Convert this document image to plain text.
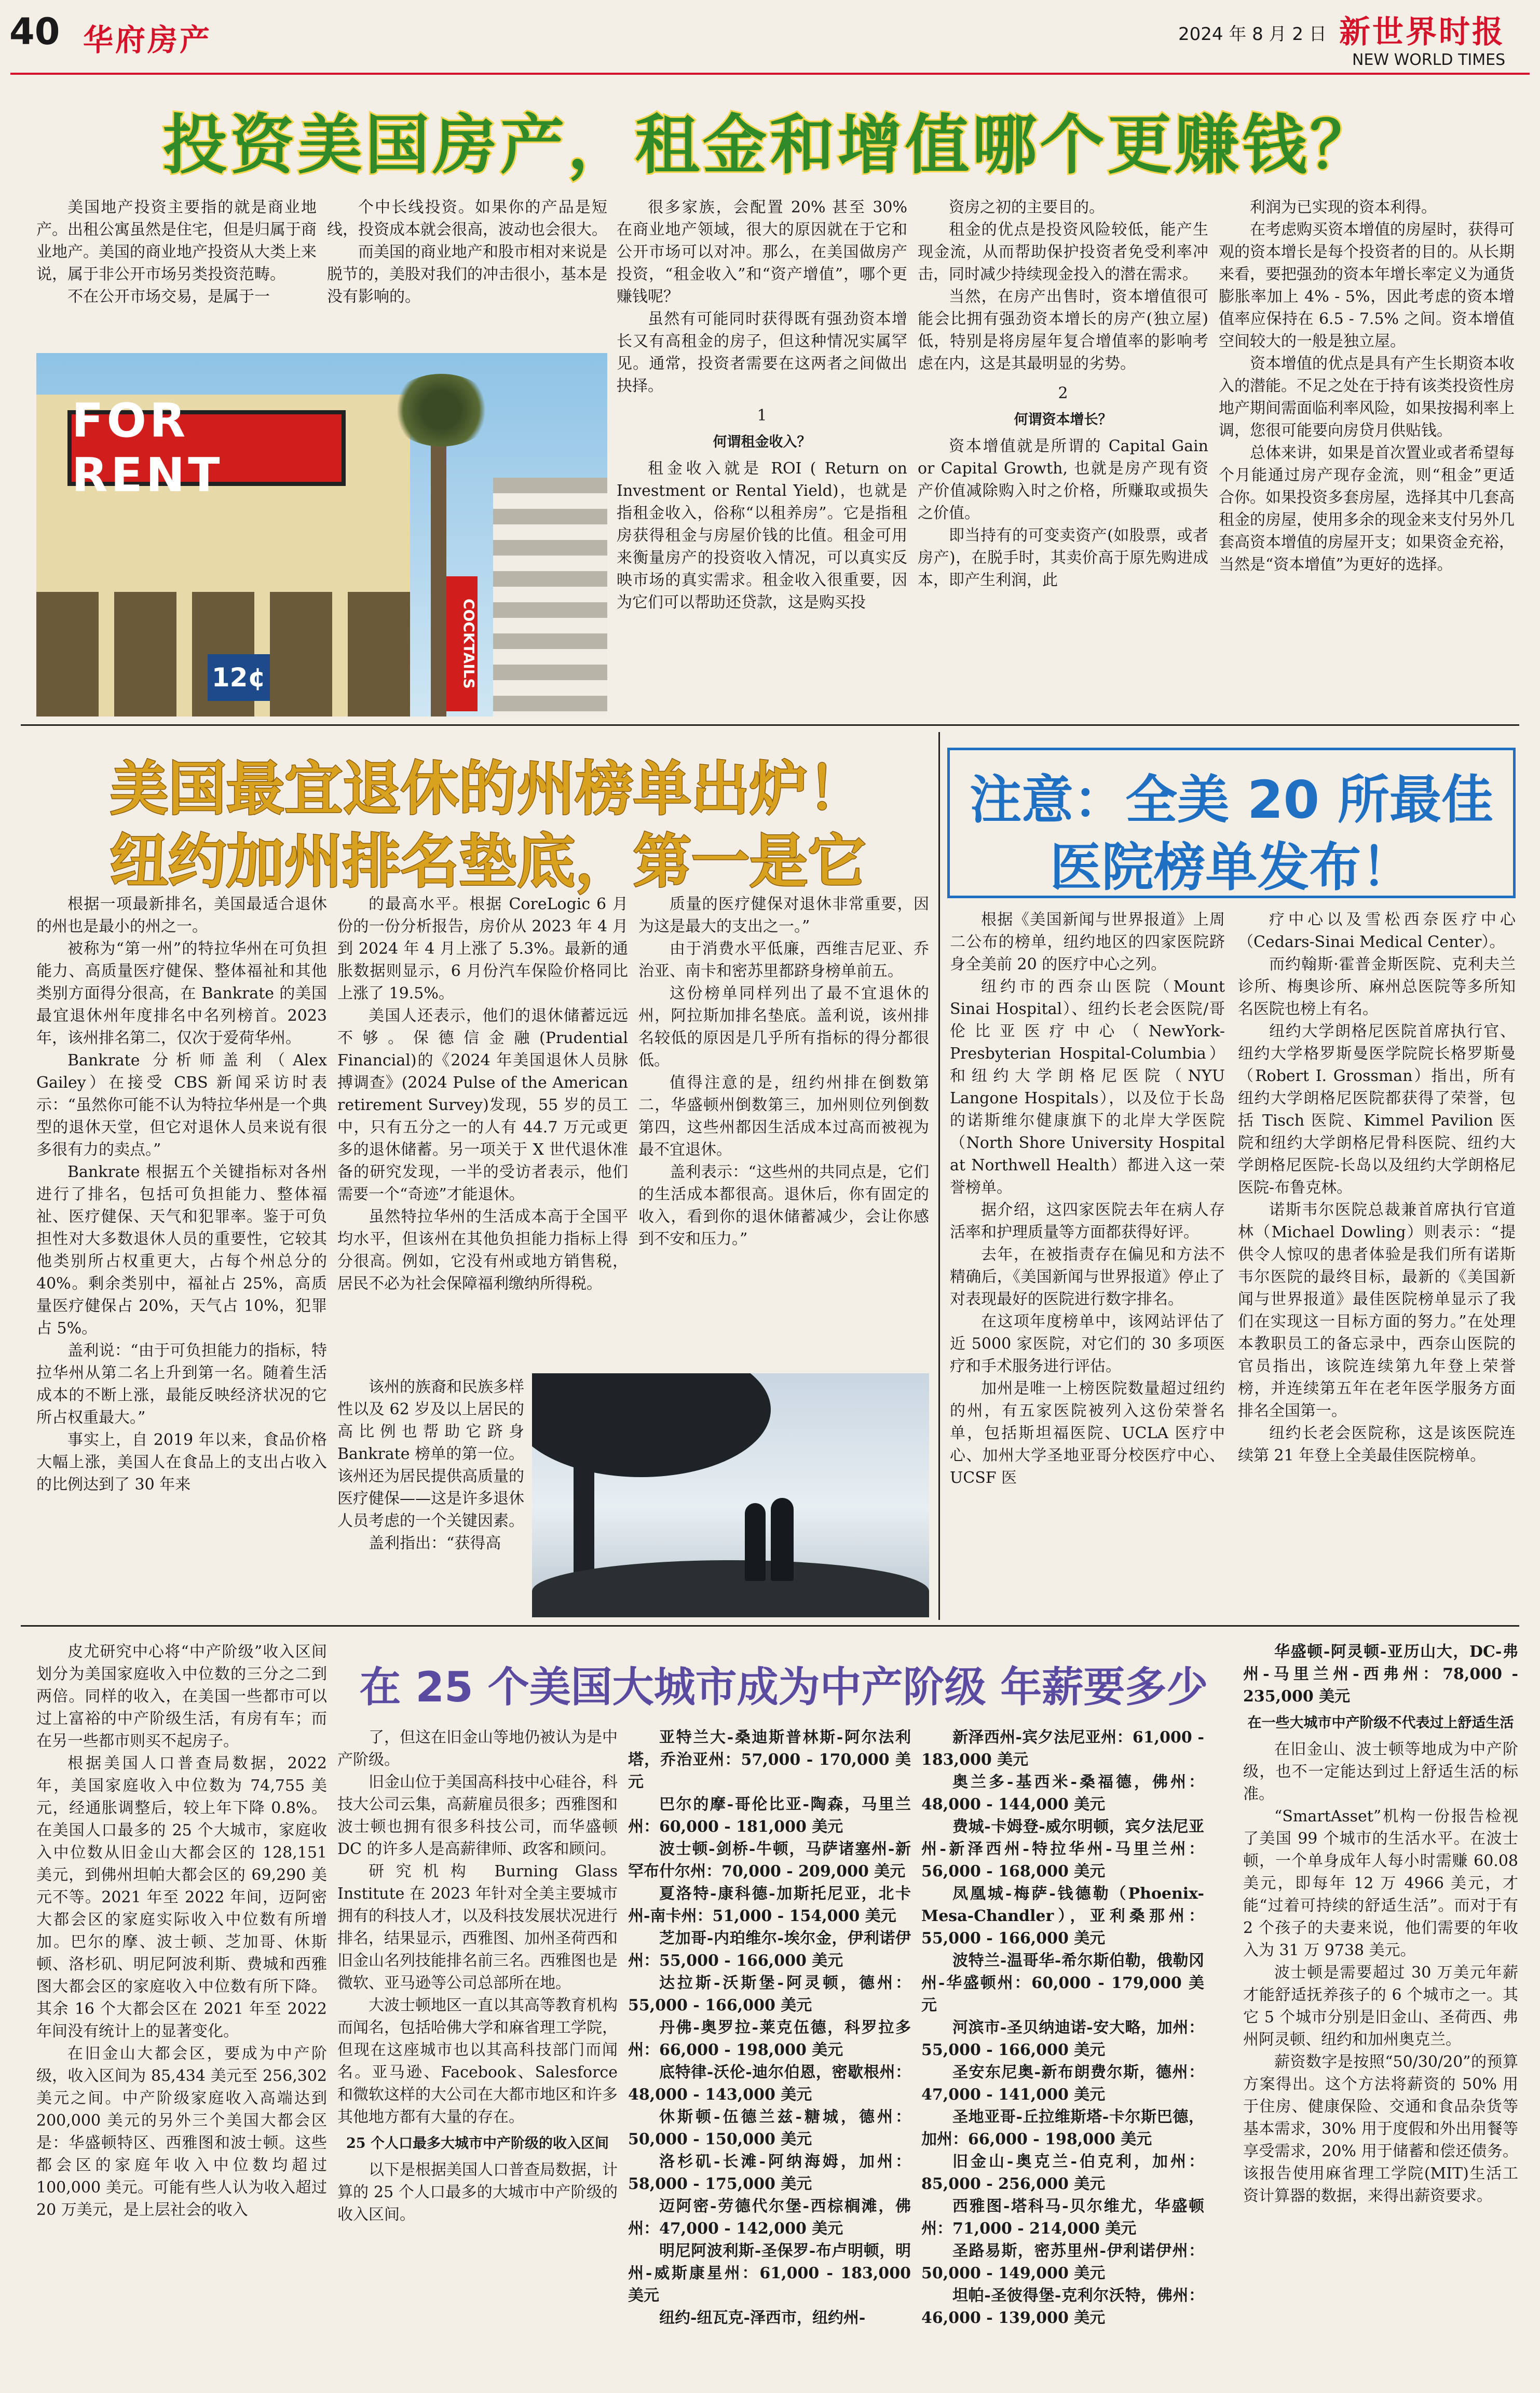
40 华府房产	2024 年 8 月 2 日 新世界时报
NEW WORLD TIMES
投资美国房产，租金和增值哪个更赚钱？

美国地产投资主要指的就是商业地产。出租公寓虽然是住宅，但是归属于商业地产。美国的商业地产投资从大类上来说，属于非公开市场另类投资范畴。

不在公开市场交易，是属于一

个中长线投资。如果你的产品是短线，投资成本就会很高，波动也会很大。

而美国的商业地产和股市相对来说是脱节的，美股对我们的冲击很小，基本是没有影响的。

FOR RENT
COCKTAILS
12¢

很多家族，会配置 20% 甚至 30% 在商业地产领域，很大的原因就在于它和公开市场可以对冲。那么，在美国做房产投资，“租金收入”和“资产增值”，哪个更赚钱呢？

虽然有可能同时获得既有强劲资本增长又有高租金的房子，但这种情况实属罕见。通常，投资者需要在这两者之间做出抉择。

1

何谓租金收入？

租金收入就是 ROI ( Return on Investment or Rental Yield)，也就是指租金收入，俗称“以租养房”。它是指租房获得租金与房屋价钱的比值。租金可用来衡量房产的投资收入情况，可以真实反映市场的真实需求。租金收入很重要，因为它们可以帮助还贷款，这是购买投

资房之初的主要目的。

租金的优点是投资风险较低，能产生现金流，从而帮助保护投资者免受利率冲击，同时减少持续现金投入的潜在需求。

当然，在房产出售时，资本增值很可能会比拥有强劲资本增长的房产(独立屋)低，特别是将房屋年复合增值率的影响考虑在内，这是其最明显的劣势。

2

何谓资本增长？

资本增值就是所谓的 Capital Gain or Capital Growth, 也就是房产现有资产价值减除购入时之价格，所赚取或损失之价值。

即当持有的可变卖资产(如股票，或者房产)，在脱手时，其卖价高于原先购进成本，即产生利润，此

利润为已实现的资本利得。

在考虑购买资本增值的房屋时，获得可观的资本增长是每个投资者的目的。从长期来看，要把强劲的资本年增长率定义为通货膨胀率加上 4% - 5%，因此考虑的资本增值率应保持在 6.5 - 7.5% 之间。资本增值空间较大的一般是独立屋。

资本增值的优点是具有产生长期资本收入的潜能。不足之处在于持有该类投资性房地产期间需面临利率风险，如果按揭利率上调，您很可能要向房贷月供贴钱。

总体来讲，如果是首次置业或者希望每个月能通过房产现存金流，则“租金”更适合你。如果投资多套房屋，选择其中几套高租金的房屋，使用多余的现金来支付另外几套高资本增值的房屋开支；如果资金充裕，当然是“资本增值”为更好的选择。

美国最宜退休的州榜单出炉！
纽约加州排名垫底，第一是它

根据一项最新排名，美国最适合退休的州也是最小的州之一。

被称为“第一州”的特拉华州在可负担能力、高质量医疗健保、整体福祉和其他类别方面得分很高，在 Bankrate 的美国最宜退休州年度排名中名列榜首。2023 年，该州排名第二，仅次于爱荷华州。

Bankrate 分析师盖利（Alex Gailey）在接受 CBS 新闻采访时表示：“虽然你可能不认为特拉华州是一个典型的退休天堂，但它对退休人员来说有很多很有力的卖点。”

Bankrate 根据五个关键指标对各州进行了排名，包括可负担能力、整体福祉、医疗健保、天气和犯罪率。鉴于可负担性对大多数退休人员的重要性，它较其他类别所占权重更大，占每个州总分的 40%。剩余类别中，福祉占 25%，高质量医疗健保占 20%，天气占 10%，犯罪占 5%。

盖利说：“由于可负担能力的指标，特拉华州从第二名上升到第一名。随着生活成本的不断上涨，最能反映经济状况的它所占权重最大。”

事实上，自 2019 年以来，食品价格大幅上涨，美国人在食品上的支出占收入的比例达到了 30 年来

的最高水平。根据 CoreLogic 6 月份的一份分析报告，房价从 2023 年 4 月到 2024 年 4 月上涨了 5.3%。最新的通胀数据则显示，6 月份汽车保险价格同比上涨了 19.5%。

美国人还表示，他们的退休储蓄远远不够。保德信金融(Prudential Financial)的《2024 年美国退休人员脉搏调查》(2024 Pulse of the American retirement Survey)发现，55 岁的员工中，只有五分之一的人有 44.7 万元或更多的退休储蓄。另一项关于 X 世代退休准备的研究发现，一半的受访者表示，他们需要一个“奇迹”才能退休。

虽然特拉华州的生活成本高于全国平均水平，但该州在其他负担能力指标上得分很高。例如，它没有州或地方销售税，居民不必为社会保障福利缴纳所得税。

该州的族裔和民族多样性以及 62 岁及以上居民的高比例也帮助它跻身 Bankrate 榜单的第一位。该州还为居民提供高质量的医疗健保——这是许多退休人员考虑的一个关键因素。

盖利指出：“获得高

质量的医疗健保对退休非常重要，因为这是最大的支出之一。”

由于消费水平低廉，西维吉尼亚、乔治亚、南卡和密苏里都跻身榜单前五。

这份榜单同样列出了最不宜退休的州，阿拉斯加排名垫底。盖利说，该州排名较低的原因是几乎所有指标的得分都很低。

值得注意的是，纽约州排在倒数第二，华盛顿州倒数第三，加州则位列倒数第四，这些州都因生活成本过高而被视为最不宜退休。

盖利表示：“这些州的共同点是，它们的生活成本都很高。退休后，你有固定的收入，看到你的退休储蓄减少，会让你感到不安和压力。”

注意：全美 20 所最佳
医院榜单发布！

根据《美国新闻与世界报道》上周二公布的榜单，纽约地区的四家医院跻身全美前 20 的医疗中心之列。

纽约市的西奈山医院（Mount Sinai Hospital）、纽约长老会医院/哥伦比亚医疗中心（NewYork-Presbyterian Hospital-Columbia）和纽约大学朗格尼医院（NYU Langone Hospitals），以及位于长岛的诺斯维尔健康旗下的北岸大学医院（North Shore University Hospital at Northwell Health）都进入这一荣誉榜单。

据介绍，这四家医院去年在病人存活率和护理质量等方面都获得好评。

去年，在被指责存在偏见和方法不精确后，《美国新闻与世界报道》停止了对表现最好的医院进行数字排名。

在这项年度榜单中，该网站评估了近 5000 家医院，对它们的 30 多项医疗和手术服务进行评估。

加州是唯一上榜医院数量超过纽约的州，有五家医院被列入这份荣誉名单，包括斯坦福医院、UCLA 医疗中心、加州大学圣地亚哥分校医疗中心、UCSF 医

疗中心以及雪松西奈医疗中心（Cedars-Sinai Medical Center）。

而约翰斯·霍普金斯医院、克利夫兰诊所、梅奥诊所、麻州总医院等多所知名医院也榜上有名。

纽约大学朗格尼医院首席执行官、纽约大学格罗斯曼医学院院长格罗斯曼（Robert I. Grossman）指出，所有纽约大学朗格尼医院都获得了荣誉，包括 Tisch 医院、Kimmel Pavilion 医院和纽约大学朗格尼骨科医院、纽约大学朗格尼医院-长岛以及纽约大学朗格尼医院-布鲁克林。

诺斯韦尔医院总裁兼首席执行官道林（Michael Dowling）则表示：“提供令人惊叹的患者体验是我们所有诺斯韦尔医院的最终目标，最新的《美国新闻与世界报道》最佳医院榜单显示了我们在实现这一目标方面的努力。”在处理本教职员工的备忘录中，西奈山医院的官员指出，该院连续第九年登上荣誉榜，并连续第五年在老年医学服务方面排名全国第一。

纽约长老会医院称，这是该医院连续第 21 年登上全美最佳医院榜单。

在 25 个美国大城市成为中产阶级 年薪要多少

皮尤研究中心将“中产阶级”收入区间划分为美国家庭收入中位数的三分之二到两倍。同样的收入，在美国一些都市可以过上富裕的中产阶级生活，有房有车；而在另一些都市则买不起房子。

根据美国人口普查局数据，2022 年，美国家庭收入中位数为 74,755 美元，经通胀调整后，较上年下降 0.8%。在美国人口最多的 25 个大城市，家庭收入中位数从旧金山大都会区的 128,151 美元，到佛州坦帕大都会区的 69,290 美元不等。2021 年至 2022 年间，迈阿密大都会区的家庭实际收入中位数有所增加。巴尔的摩、波士顿、芝加哥、休斯顿、洛杉矶、明尼阿波利斯、费城和西雅图大都会区的家庭收入中位数有所下降。其余 16 个大都会区在 2021 年至 2022 年间没有统计上的显著变化。

在旧金山大都会区，要成为中产阶级，收入区间为 85,434 美元至 256,302 美元之间。中产阶级家庭收入高端达到 200,000 美元的另外三个美国大都会区是：华盛顿特区、西雅图和波士顿。这些都会区的家庭年收入中位数均超过 100,000 美元。可能有些人认为收入超过 20 万美元，是上层社会的收入

了，但这在旧金山等地仍被认为是中产阶级。

旧金山位于美国高科技中心硅谷，科技大公司云集，高薪雇员很多；西雅图和波士顿也拥有很多科技公司，而华盛顿 DC 的许多人是高薪律师、政客和顾问。

研究机构 Burning Glass Institute 在 2023 年针对全美主要城市拥有的科技人才，以及科技发展状况进行排名，结果显示，西雅图、加州圣荷西和旧金山名列技能排名前三名。西雅图也是微软、亚马逊等公司总部所在地。

大波士顿地区一直以其高等教育机构而闻名，包括哈佛大学和麻省理工学院，但现在这座城市也以其高科技部门而闻名。亚马逊、Facebook、Salesforce 和微软这样的大公司在大都市地区和许多其他地方都有大量的存在。

25 个人口最多大城市中产阶级的收入区间

以下是根据美国人口普查局数据，计算的 25 个人口最多的大城市中产阶级的收入区间。

亚特兰大-桑迪斯普林斯-阿尔法利塔，乔治亚州：57,000 - 170,000 美元

巴尔的摩-哥伦比亚-陶森，马里兰州：60,000 - 181,000 美元

波士顿-剑桥-牛顿，马萨诸塞州-新罕布什尔州：70,000 - 209,000 美元

夏洛特-康科德-加斯托尼亚，北卡州-南卡州：51,000 - 154,000 美元

芝加哥-内珀维尔-埃尔金，伊利诺伊州：55,000 - 166,000 美元

达拉斯-沃斯堡-阿灵顿，德州：55,000 - 166,000 美元

丹佛-奥罗拉-莱克伍德，科罗拉多州：66,000 - 198,000 美元

底特律-沃伦-迪尔伯恩，密歇根州：48,000 - 143,000 美元

休斯顿-伍德兰兹-糖城，德州：50,000 - 150,000 美元

洛杉矶-长滩-阿纳海姆，加州：58,000 - 175,000 美元

迈阿密-劳德代尔堡-西棕榈滩，佛州：47,000 - 142,000 美元

明尼阿波利斯-圣保罗-布卢明顿，明州-威斯康星州：61,000 - 183,000 美元

纽约-纽瓦克-泽西市，纽约州-

新泽西州-宾夕法尼亚州：61,000 - 183,000 美元

奥兰多-基西米-桑福德，佛州：48,000 - 144,000 美元

费城-卡姆登-威尔明顿，宾夕法尼亚州-新泽西州-特拉华州-马里兰州：56,000 - 168,000 美元

凤凰城-梅萨-钱德勒（Phoenix-Mesa-Chandler），亚利桑那州：55,000 - 166,000 美元

波特兰-温哥华-希尔斯伯勒，俄勒冈州-华盛顿州：60,000 - 179,000 美元

河滨市-圣贝纳迪诺-安大略，加州：55,000 - 166,000 美元

圣安东尼奥-新布朗费尔斯，德州：47,000 - 141,000 美元

圣地亚哥-丘拉维斯塔-卡尔斯巴德，加州：66,000 - 198,000 美元

旧金山-奥克兰-伯克利，加州：85,000 - 256,000 美元

西雅图-塔科马-贝尔维尤，华盛顿州：71,000 - 214,000 美元

圣路易斯，密苏里州-伊利诺伊州：50,000 - 149,000 美元

坦帕-圣彼得堡-克利尔沃特，佛州：46,000 - 139,000 美元

华盛顿-阿灵顿-亚历山大，DC-弗州-马里兰州-西弗州：78,000 - 235,000 美元

在一些大城市中产阶级不代表过上舒适生活

在旧金山、波士顿等地成为中产阶级，也不一定能达到过上舒适生活的标准。

“SmartAsset”机构一份报告检视了美国 99 个城市的生活水平。在波士顿，一个单身成年人每小时需赚 60.08 美元，即每年 12 万 4966 美元，才能“过着可持续的舒适生活”。而对于有 2 个孩子的夫妻来说，他们需要的年收入为 31 万 9738 美元。

波士顿是需要超过 30 万美元年薪才能舒适抚养孩子的 6 个城市之一。其它 5 个城市分别是旧金山、圣荷西、弗州阿灵顿、纽约和加州奥克兰。

薪资数字是按照“50/30/20”的预算方案得出。这个方法将薪资的 50% 用于住房、健康保险、交通和食品杂货等基本需求，30% 用于度假和外出用餐等享受需求，20% 用于储蓄和偿还债务。该报告使用麻省理工学院(MIT)生活工资计算器的数据，来得出薪资要求。
